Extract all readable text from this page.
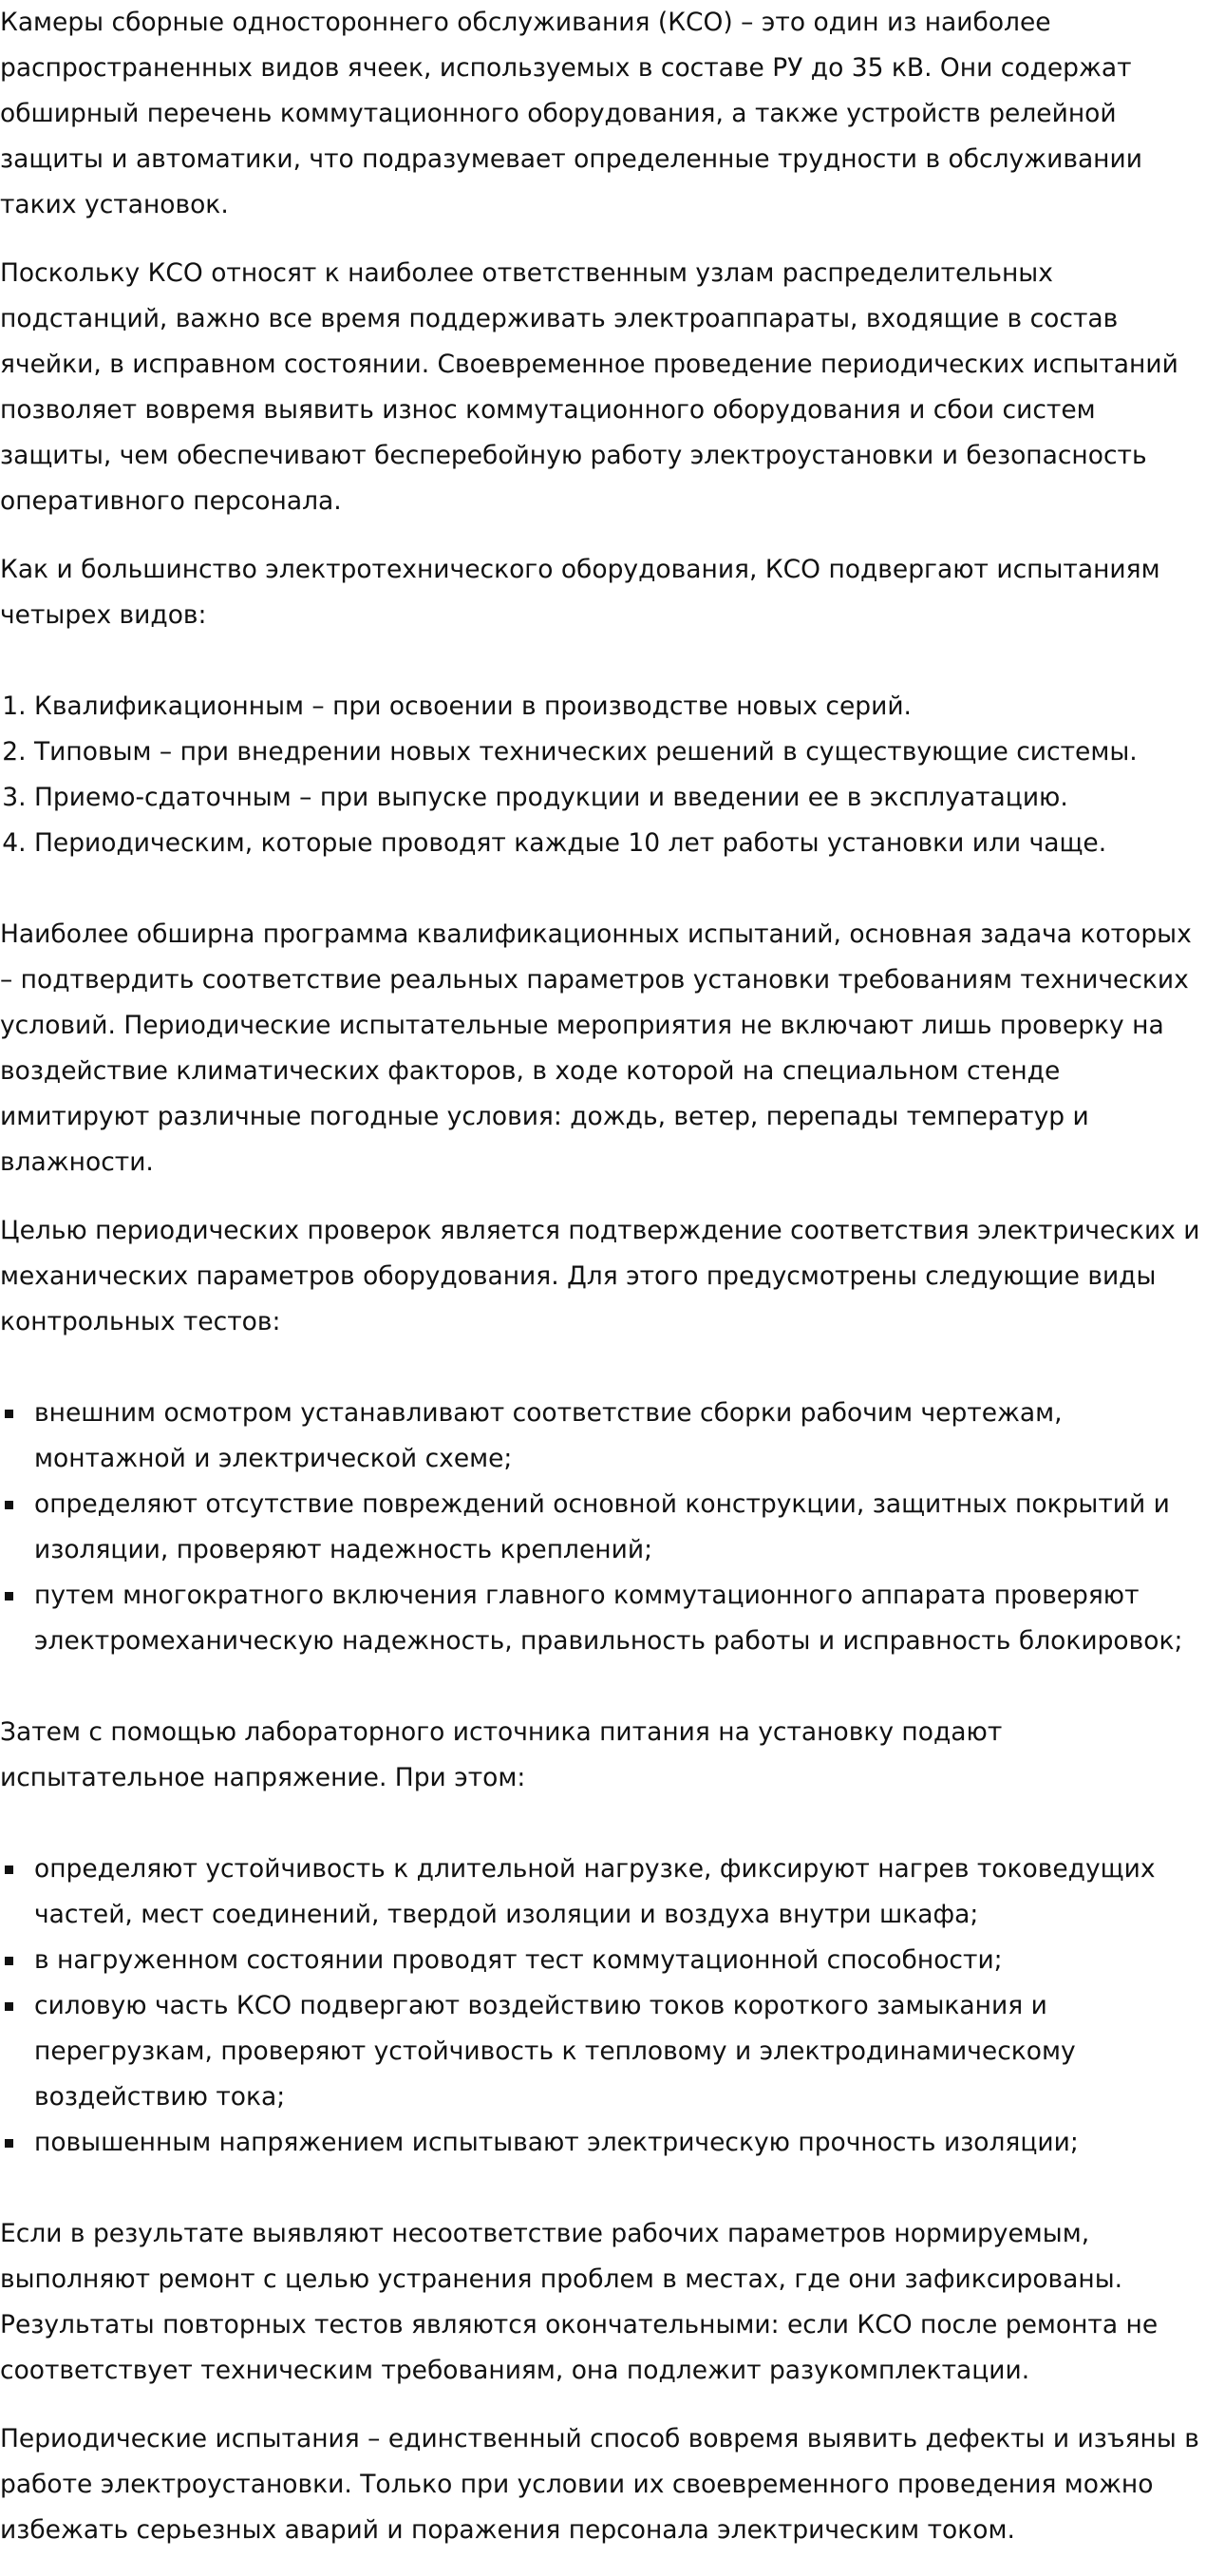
Камеры сборные одностороннего обслуживания (КСО) – это один из наиболее распространенных видов ячеек, используемых в составе РУ до 35 кВ. Они содержат обширный перечень коммутационного оборудования, а также устройств релейной защиты и автоматики, что подразумевает определенные трудности в обслуживании таких установок.

Поскольку КСО относят к наиболее ответственным узлам распределительных подстанций, важно все время поддерживать электроаппараты, входящие в состав ячейки, в исправном состоянии. Своевременное проведение периодических испытаний позволяет вовремя выявить износ коммутационного оборудования и сбои систем защиты, чем обеспечивают бесперебойную работу электроустановки и безопасность оперативного персонала.

Как и большинство электротехнического оборудования, КСО подвергают испытаниям четырех видов:

1. Квалификационным – при освоении в производстве новых серий.
2. Типовым – при внедрении новых технических решений в существующие системы.
3. Приемо-сдаточным – при выпуске продукции и введении ее в эксплуатацию.
4. Периодическим, которые проводят каждые 10 лет работы установки или чаще.

Наиболее обширна программа квалификационных испытаний, основная задача которых – подтвердить соответствие реальных параметров установки требованиям технических условий. Периодические испытательные мероприятия не включают лишь проверку на воздействие климатических факторов, в ходе которой на специальном стенде имитируют различные погодные условия: дождь, ветер, перепады температур и влажности.

Целью периодических проверок является подтверждение соответствия электрических и механических параметров оборудования. Для этого предусмотрены следующие виды контрольных тестов:

внешним осмотром устанавливают соответствие сборки рабочим чертежам, монтажной и электрической схеме;
определяют отсутствие повреждений основной конструкции, защитных покрытий и изоляции, проверяют надежность креплений;
путем многократного включения главного коммутационного аппарата проверяют электромеханическую надежность, правильность работы и исправность блокировок;

Затем с помощью лабораторного источника питания на установку подают испытательное напряжение. При этом:

определяют устойчивость к длительной нагрузке, фиксируют нагрев токоведущих частей, мест соединений, твердой изоляции и воздуха внутри шкафа;
в нагруженном состоянии проводят тест коммутационной способности;
силовую часть КСО подвергают воздействию токов короткого замыкания и перегрузкам, проверяют устойчивость к тепловому и электродинамическому воздействию тока;
повышенным напряжением испытывают электрическую прочность изоляции;

Если в результате выявляют несоответствие рабочих параметров нормируемым, выполняют ремонт с целью устранения проблем в местах, где они зафиксированы. Результаты повторных тестов являются окончательными: если КСО после ремонта не соответствует техническим требованиям, она подлежит разукомплектации.

Периодические испытания – единственный способ вовремя выявить дефекты и изъяны в работе электроустановки. Только при условии их своевременного проведения можно избежать серьезных аварий и поражения персонала электрическим током.
